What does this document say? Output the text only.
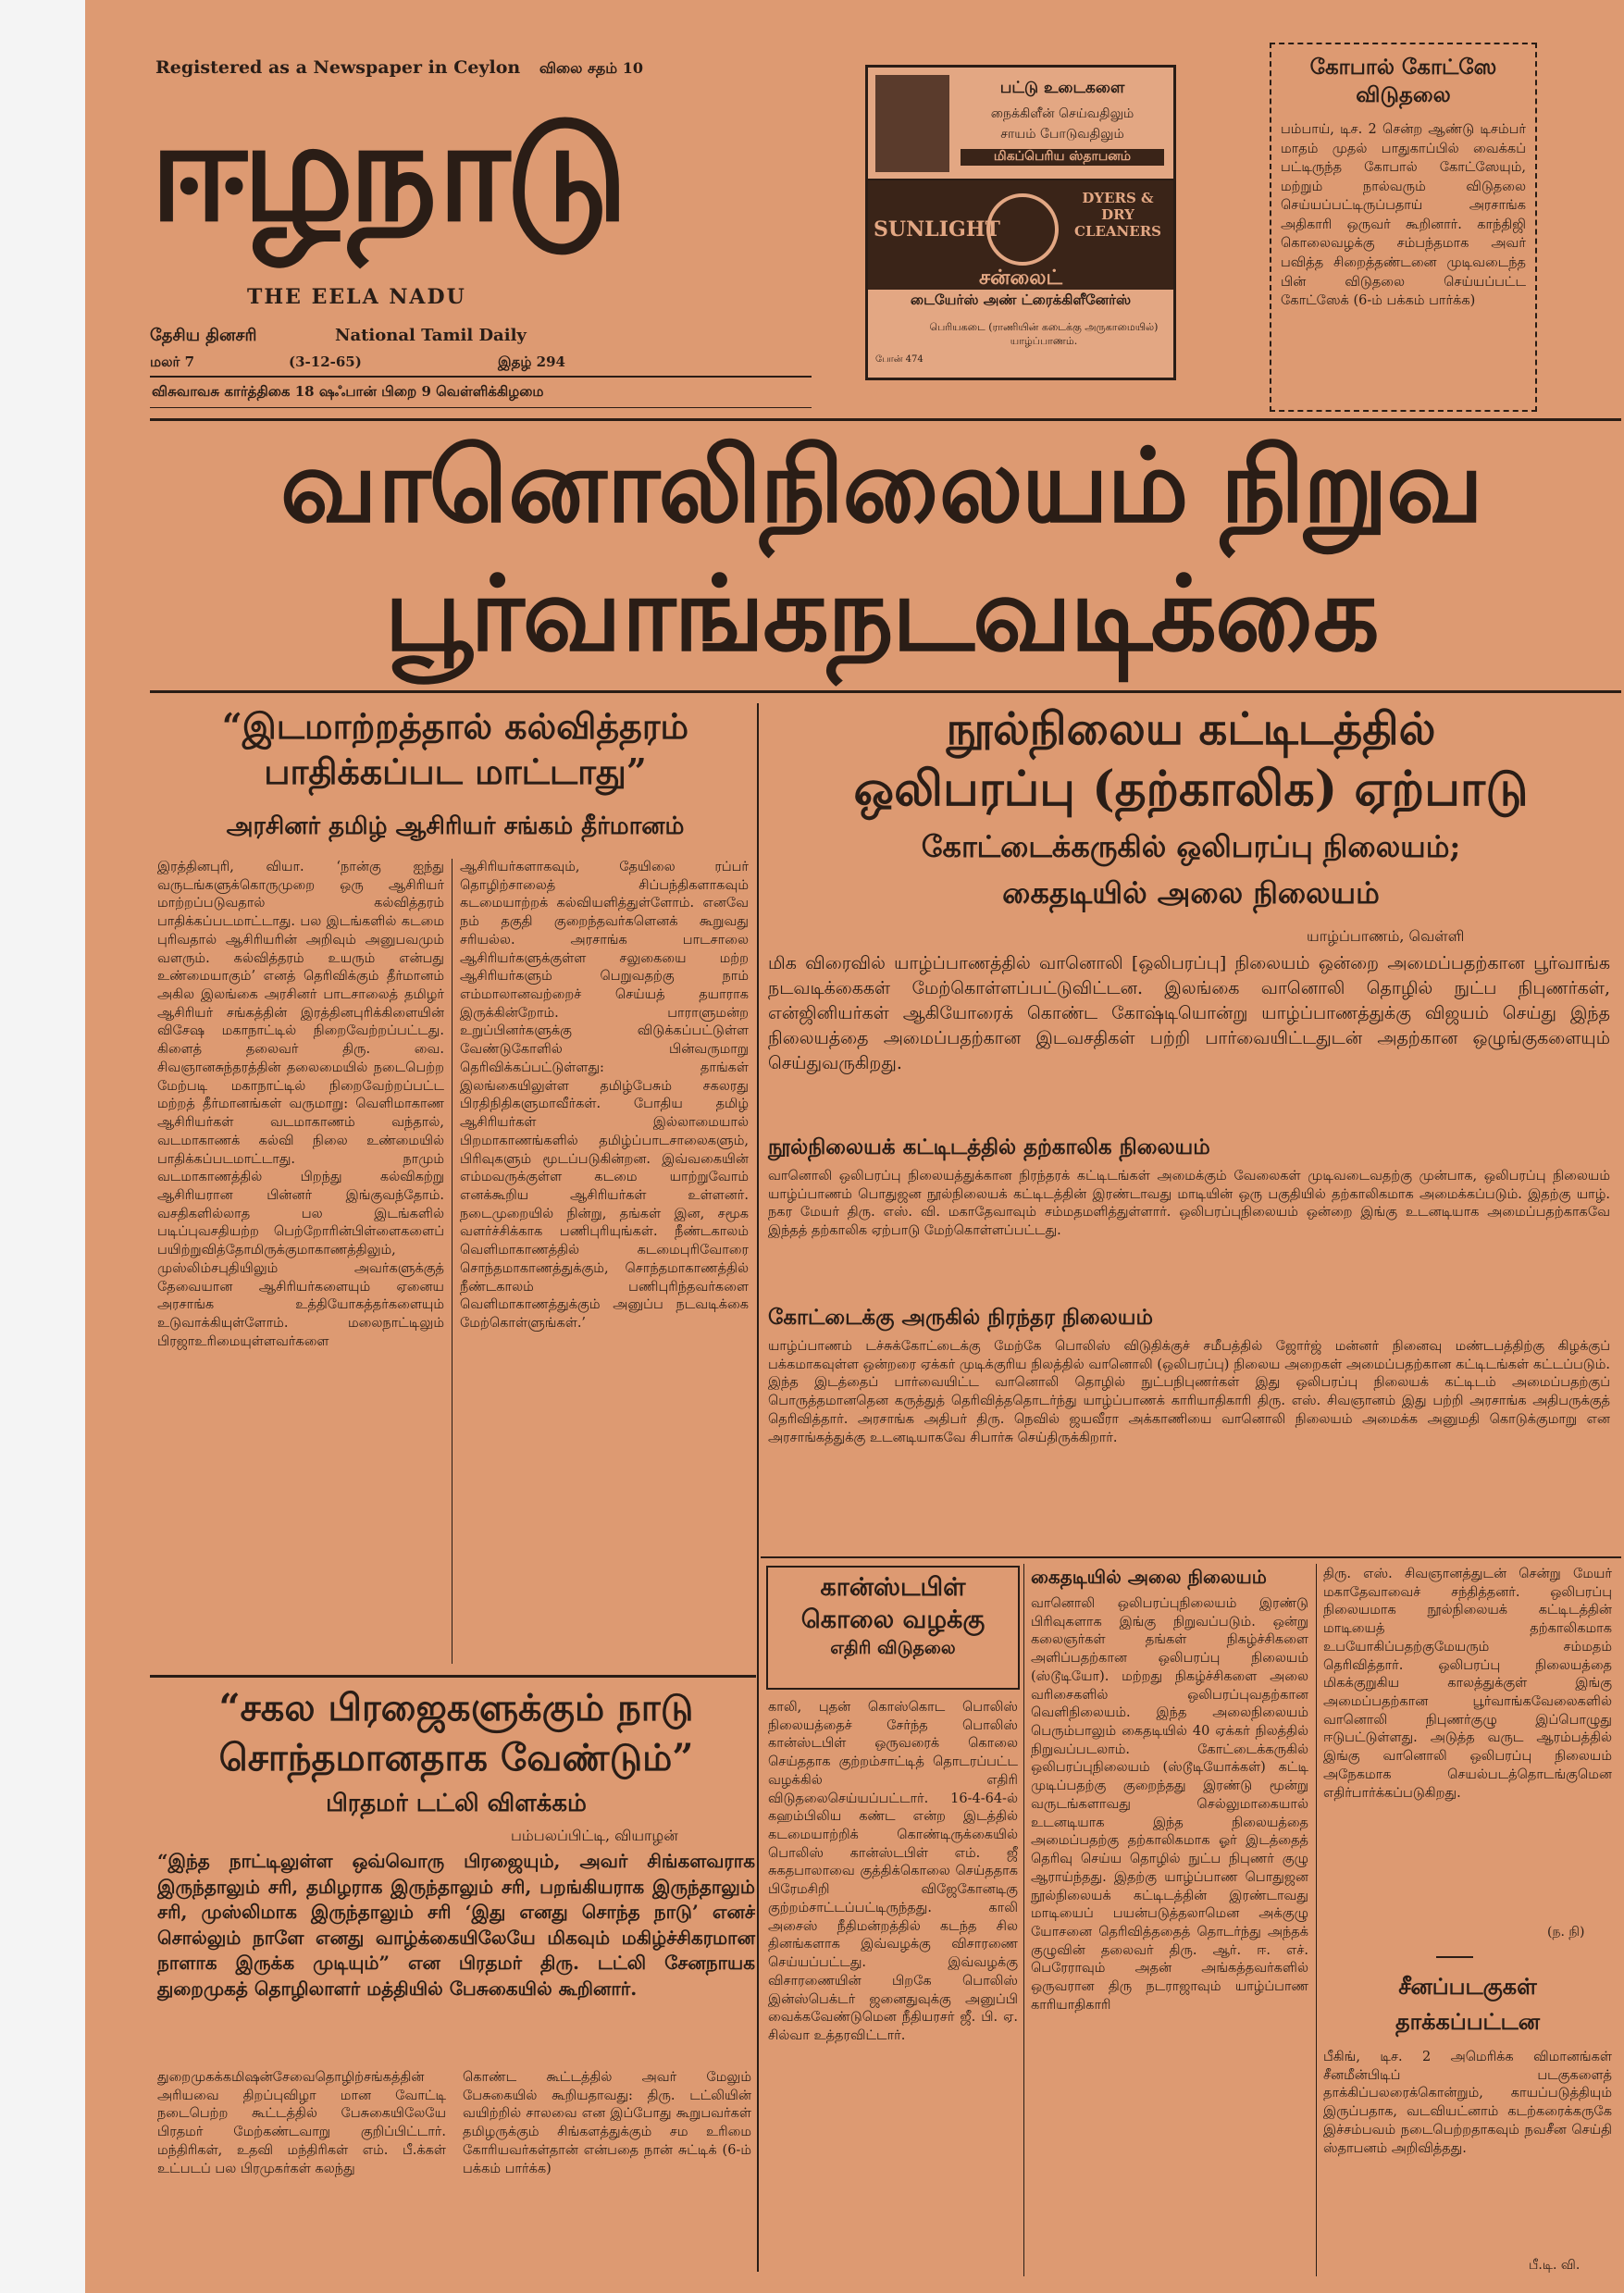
Registered as a Newspaper in Ceylon விலை சதம் 10
ஈழநாடு
THE EELA NADU
தேசிய தினசரி	National Tamil Daily
மலர் 7	(3-12-65)	இதழ் 294
விசுவாவசு கார்த்திகை 18 ஷஃபான் பிறை 9 வெள்ளிக்கிழமை
பட்டு உடைகளை
நைக்கிளீன் செய்வதிலும்
சாயம் போடுவதிலும்
மிகப்பெரிய ஸ்தாபனம்
SUNLIGHT
DYERS & DRY CLEANERS
சன்லைட்
டையேர்ஸ் அண் ட்ரைக்கிளீனேர்ஸ்
பெரியகடை (ராணியின் கடைக்கு அருகாமையில்) யாழ்ப்பாணம்.
போன் 474
கோபால் கோட்ஸே விடுதலை
பம்பாய், டிச. 2 சென்ற ஆண்டு டிசம்பர் மாதம் முதல் பாதுகாப்பில் வைக்கப் பட்டிருந்த கோபால் கோட்ஸேயும், மற்றும் நால்வரும் விடுதலை செய்யப்பட்டிருப்பதாய் அரசாங்க அதிகாரி ஒருவர் கூறினார். காந்திஜி கொலைவழக்கு சம்பந்தமாக அவர் பவித்த சிறைத்தண்டனை முடிவடைந்த பின் விடுதலை செய்யப்பட்ட கோட்ஸேக் (6-ம் பக்கம் பார்க்க)
வானொலிநிலையம் நிறுவ
பூர்வாங்கநடவடிக்கை
“இடமாற்றத்தால் கல்வித்தரம் பாதிக்கப்பட மாட்டாது”
அரசினர் தமிழ் ஆசிரியர் சங்கம் தீர்மானம்
இரத்தினபுரி, வியா. ‘நான்கு ஐந்து வருடங்களுக்கொருமுறை ஒரு ஆசிரியர் மாற்றப்படுவதால் கல்வித்தரம் பாதிக்கப்படமாட்டாது. பல இடங்களில் கடமை புரிவதால் ஆசிரியரின் அறிவும் அனுபவமும் வளரும். கல்வித்தரம் உயரும் என்பது உண்மையாகும்’ எனத் தெரிவிக்கும் தீர்மானம் அகில இலங்கை அரசினர் பாடசாலைத் தமிழர் ஆசிரியர் சங்கத்தின் இரத்தினபுரிக்கிளையின் விசேஷ மகாநாட்டில் நிறைவேற்றப்பட்டது. கிளைத் தலைவர் திரு. வை. சிவஞானசுந்தரத்தின் தலைமையில் நடைபெற்ற மேற்படி மகாநாட்டில் நிறைவேற்றப்பட்ட மற்றத் தீர்மானங்கள் வருமாறு: வெளிமாகாண ஆசிரியர்கள் வடமாகாணம் வந்தால், வடமாகாணக் கல்வி நிலை உண்மையில் பாதிக்கப்படமாட்டாது. நாமும் வடமாகாணத்தில் பிறந்து கல்விகற்று ஆசிரியரான பின்னர் இங்குவந்தோம். வசதிகளில்லாத பல இடங்களில் படிப்புவசதியற்ற பெற்றோரின்பிள்ளைகளைப் பயிற்றுவித்தோமிருக்குமாகாணத்திலும், முஸ்லிம்சபுதியிலும் அவர்களுக்குத் தேவையான ஆசிரியர்களையும் ஏனைய அரசாங்க உத்தியோகத்தர்களையும் உடுவாக்கியுள்ளோம். மலைநாட்டிலும் பிரஜாஉரிமையுள்ளவர்களை
ஆசிரியர்களாகவும், தேயிலை ரப்பர் தொழிற்சாலைத் சிப்பந்திகளாகவும் கடமையாற்றக் கல்வியளித்துள்ளோம். எனவே நம் தகுதி குறைந்தவர்களெனக் கூறுவது சரியல்ல. அரசாங்க பாடசாலை ஆசிரியர்களுக்குள்ள சலுகையை மற்ற ஆசிரியர்களும் பெறுவதற்கு நாம் எம்மாலானவற்றைச் செய்யத் தயாராக இருக்கின்றோம். பாராளுமன்ற உறுப்பினர்களுக்கு விடுக்கப்பட்டுள்ள வேண்டுகோளில் பின்வருமாறு தெரிவிக்கப்பட்டுள்ளது: தாங்கள் இலங்கையிலுள்ள தமிழ்பேசும் சகலரது பிரதிநிதிகளுமாவீர்கள். போதிய தமிழ் ஆசிரியர்கள் இல்லாமையால் பிறமாகாணங்களில் தமிழ்ப்பாடசாலைகளும், பிரிவுகளும் மூடப்படுகின்றன. இவ்வகையின் எம்மவருக்குள்ள கடமை யாற்றுவோம் எனக்கூறிய ஆசிரியர்கள் உள்ளனர். நடைமுறையில் நின்று, தங்கள் இன, சமூக வளர்ச்சிக்காக பணிபுரியுங்கள். நீண்டகாலம் வெளிமாகாணத்தில் கடமைபுரிவோரை சொந்தமாகாணத்துக்கும், சொந்தமாகாணத்தில் நீண்டகாலம் பணிபுரிந்தவர்களை வெளிமாகாணத்துக்கும் அனுப்ப நடவடிக்கை மேற்கொள்ளுங்கள்.’
“சகல பிரஜைகளுக்கும் நாடு
சொந்தமானதாக வேண்டும்”
பிரதமர் டட்லி விளக்கம்
பம்பலப்பிட்டி, வியாழன்
“இந்த நாட்டிலுள்ள ஒவ்வொரு பிரஜையும், அவர் சிங்களவராக இருந்தாலும் சரி, தமிழராக இருந்தாலும் சரி, பறங்கியராக இருந்தாலும் சரி, முஸ்லிமாக இருந்தாலும் சரி ‘இது எனது சொந்த நாடு’ எனச் சொல்லும் நாளே எனது வாழ்க்கையிலேயே மிகவும் மகிழ்ச்சிகரமான நாளாக இருக்க முடியும்” என பிரதமர் திரு. டட்லி சேனநாயக துறைமுகத் தொழிலாளர் மத்தியில் பேசுகையில் கூறினார்.
துறைமுகக்கமிஷன்சேவைதொழிற்சங்கத்தின் அரியவை திறப்புவிழா மான வோட்டி நடைபெற்ற கூட்டத்தில் பேசுகையிலேயே பிரதமர் மேற்கண்டவாறு குறிப்பிட்டார். மந்திரிகள், உதவி மந்திரிகள் எம். பீ.க்கள் உட்படப் பல பிரமுகர்கள் கலந்து
கொண்ட கூட்டத்தில் அவர் மேலும் பேசுகையில் கூறியதாவது: திரு. டட்லியின் வயிற்றில் சாலவை என இப்போது கூறுபவர்கள் தமிழருக்கும் சிங்களத்துக்கும் சம உரிமை கோரியவர்கள்தான் என்பதை நான் சுட்டிக் (6-ம் பக்கம் பார்க்க)
நூல்நிலைய கட்டிடத்தில்
ஒலிபரப்பு (தற்காலிக) ஏற்பாடு
கோட்டைக்கருகில் ஒலிபரப்பு நிலையம்;
கைதடியில் அலை நிலையம்
யாழ்ப்பாணம், வெள்ளி
மிக விரைவில் யாழ்ப்பாணத்தில் வானொலி [ஒலிபரப்பு] நிலையம் ஒன்றை அமைப்பதற்கான பூர்வாங்க நடவடிக்கைகள் மேற்கொள்ளப்பட்டுவிட்டன. இலங்கை வானொலி தொழில் நுட்ப நிபுணர்கள், என்ஜினியர்கள் ஆகியோரைக் கொண்ட கோஷ்டியொன்று யாழ்ப்பாணத்துக்கு விஜயம் செய்து இந்த நிலையத்தை அமைப்பதற்கான இடவசதிகள் பற்றி பார்வையிட்டதுடன் அதற்கான ஒழுங்குகளையும் செய்துவருகிறது.
நூல்நிலையக் கட்டிடத்தில் தற்காலிக நிலையம்
வானொலி ஒலிபரப்பு நிலையத்துக்கான நிரந்தரக் கட்டிடங்கள் அமைக்கும் வேலைகள் முடிவடைவதற்கு முன்பாக, ஒலிபரப்பு நிலையம் யாழ்ப்பாணம் பொதுஜன நூல்நிலையக் கட்டிடத்தின் இரண்டாவது மாடியின் ஒரு பகுதியில் தற்காலிகமாக அமைக்கப்படும். இதற்கு யாழ். நகர மேயர் திரு. எஸ். வி. மகாதேவாவும் சம்மதமளித்துள்ளார். ஒலிபரப்புநிலையம் ஒன்றை இங்கு உடனடியாக அமைப்பதற்காகவே இந்தத் தற்காலிக ஏற்பாடு மேற்கொள்ளப்பட்டது.
கோட்டைக்கு அருகில் நிரந்தர நிலையம்
யாழ்ப்பாணம் டச்சுக்கோட்டைக்கு மேற்கே பொலிஸ் விடுதிக்குச் சமீபத்தில் ஜோர்ஜ் மன்னர் நினைவு மண்டபத்திற்கு கிழக்குப் பக்கமாகவுள்ள ஒன்றரை ஏக்கர் முடிக்குரிய நிலத்தில் வானொலி (ஒலிபரப்பு) நிலைய அறைகள் அமைப்பதற்கான கட்டிடங்கள் கட்டப்படும். இந்த இடத்தைப் பார்வையிட்ட வானொலி தொழில் நுட்பநிபுணர்கள் இது ஒலிபரப்பு நிலையக் கட்டிடம் அமைப்பதற்குப் பொருத்தமானதென கருத்துத் தெரிவித்ததொடர்ந்து யாழ்ப்பாணக் காரியாதிகாரி திரு. எஸ். சிவஞானம் இது பற்றி அரசாங்க அதிபருக்குத் தெரிவித்தார். அரசாங்க அதிபர் திரு. நெவில் ஜயவீரா அக்காணியை வானொலி நிலையம் அமைக்க அனுமதி கொடுக்குமாறு என அரசாங்கத்துக்கு உடனடியாகவே சிபார்சு செய்திருக்கிறார்.
கான்ஸ்டபிள்
கொலை வழக்கு
எதிரி விடுதலை
காலி, புதன் கொஸ்கொட பொலிஸ் நிலையத்தைச் சேர்ந்த பொலிஸ் கான்ஸ்டபிள் ஒருவரைக் கொலை செய்ததாக குற்றம்சாட்டித் தொடரப்பட்ட வழக்கில் எதிரி விடுதலைசெய்யப்பட்டார். 16-4-64-ல் கஹம்பிலிய கண்ட என்ற இடத்தில் கடமையாற்றிக் கொண்டிருக்கையில் பொலிஸ் கான்ஸ்டபிள் எம். ஜீ சுகதபாலாவை குத்திக்கொலை செய்ததாக பிரேமசிறி விஜேகோனடிகு குற்றம்சாட்டப்பட்டிருந்தது. காலி அசைஸ் நீதிமன்றத்தில் கடந்த சில தினங்களாக இவ்வழக்கு விசாரணை செய்யப்பட்டது. இவ்வழக்கு விசாரணையின் பிறகே பொலிஸ் இன்ஸ்பெக்டர் ஜனைதுவுக்கு அனுப்பி வைக்கவேண்டுமென நீதியரசர் ஜீ. பி. ஏ. சில்வா உத்தரவிட்டார்.
கைதடியில் அலை நிலையம்
வானொலி ஒலிபரப்புநிலையம் இரண்டு பிரிவுகளாக இங்கு நிறுவப்படும். ஒன்று கலைஞர்கள் தங்கள் நிகழ்ச்சிகளை அளிப்பதற்கான ஒலிபரப்பு நிலையம் (ஸ்டூடியோ). மற்றது நிகழ்ச்சிகளை அலை வரிசைகளில் ஒலிபரப்புவதற்கான வெளிநிலையம். இந்த அலைநிலையம் பெரும்பாலும் கைதடியில் 40 ஏக்கர் நிலத்தில் நிறுவப்படலாம். கோட்டைக்கருகில் ஒலிபரப்புநிலையம் (ஸ்டூடியோக்கள்) கட்டி முடிப்பதற்கு குறைந்தது இரண்டு மூன்று வருடங்களாவது செல்லுமாகையால் உடனடியாக இந்த நிலையத்தை அமைப்பதற்கு தற்காலிகமாக ஓர் இடத்தைத் தெரிவு செய்ய தொழில் நுட்ப நிபுணர் குழு ஆராய்ந்தது. இதற்கு யாழ்ப்பாண பொதுஜன நூல்நிலையக் கட்டிடத்தின் இரண்டாவது மாடியைப் பயன்படுத்தலாமென அக்குழு யோசனை தெரிவித்ததைத் தொடர்ந்து அந்தக் குழுவின் தலைவர் திரு. ஆர். ஈ. எச். பெரேராவும் அதன் அங்கத்தவர்களில் ஒருவரான திரு நடராஜாவும் யாழ்ப்பாண காரியாதிகாரி
திரு. எஸ். சிவஞானத்துடன் சென்று மேயர் மகாதேவாவைச் சந்தித்தனர். ஒலிபரப்பு நிலையமாக நூல்நிலையக் கட்டிடத்தின் மாடியைத் தற்காலிகமாக உபயோகிப்பதற்குமேயரும் சம்மதம் தெரிவித்தார். ஒலிபரப்பு நிலையத்தை மிகக்குறுகிய காலத்துக்குள் இங்கு அமைப்பதற்கான பூர்வாங்கவேலைகளில் வானொலி நிபுணர்குழு இப்பொழுது ஈடுபட்டுள்ளது. அடுத்த வருட ஆரம்பத்தில் இங்கு வானொலி ஒலிபரப்பு நிலையம் அநேகமாக செயல்படத்தொடங்குமென எதிர்பார்க்கப்படுகிறது.
(ந. நி)
சீனப்படகுகள்
தாக்கப்பட்டன
பீகிங், டிச. 2 அமெரிக்க விமானங்கள் சீனமீன்பிடிப் படகுகளைத் தாக்கிப்பலரைக்கொன்றும், காயப்படுத்தியும் இருப்பதாக, வடவியட்னாம் கடற்கரைக்கருகே இச்சம்பவம் நடைபெற்றதாகவும் நவசீன செய்தி ஸ்தாபனம் அறிவித்தது.
பீ.டி. வி.
